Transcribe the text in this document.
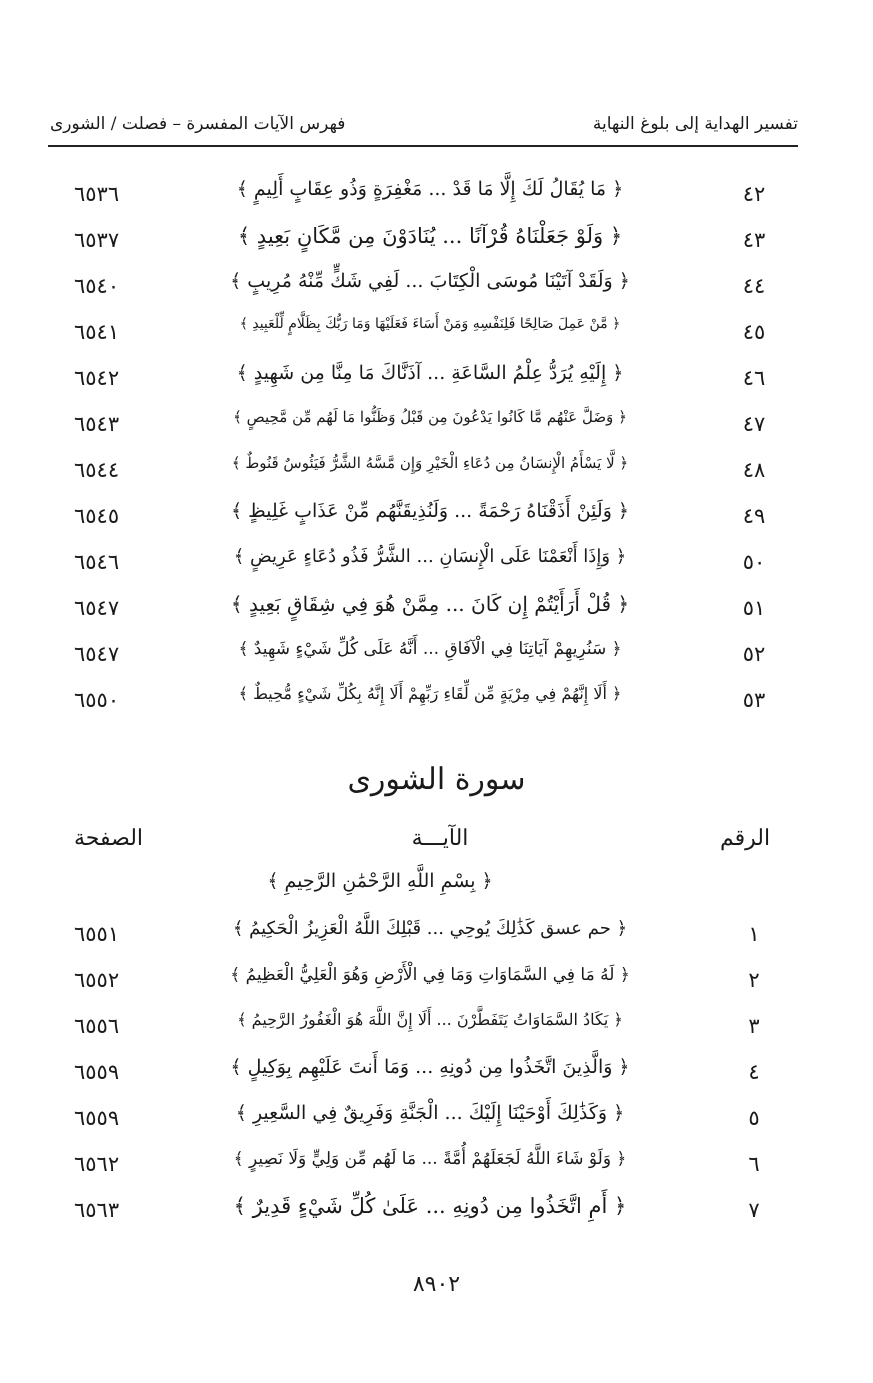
تفسير الهداية إلى بلوغ النهاية
فهرس الآيات المفسرة – فصلت / الشورى
٤٢
﴿ مَا يُقَالُ لَكَ إِلَّا مَا قَدْ ... مَغْفِرَةٍ وَذُو عِقَابٍ أَلِيمٍ ﴾
٦٥٣٦
٤٣
﴿ وَلَوْ جَعَلْنَاهُ قُرْآنًا ... يُنَادَوْنَ مِن مَّكَانٍ بَعِيدٍ ﴾
٦٥٣٧
٤٤
﴿ وَلَقَدْ آتَيْنَا مُوسَى الْكِتَابَ ... لَفِي شَكٍّ مِّنْهُ مُرِيبٍ ﴾
٦٥٤٠
٤٥
﴿ مَّنْ عَمِلَ صَالِحًا فَلِنَفْسِهِ وَمَنْ أَسَاءَ فَعَلَيْهَا وَمَا رَبُّكَ بِظَلَّامٍ لِّلْعَبِيدِ ﴾
٦٥٤١
٤٦
﴿ إِلَيْهِ يُرَدُّ عِلْمُ السَّاعَةِ ... آذَنَّاكَ مَا مِنَّا مِن شَهِيدٍ ﴾
٦٥٤٢
٤٧
﴿ وَضَلَّ عَنْهُم مَّا كَانُوا يَدْعُونَ مِن قَبْلُ وَظَنُّوا مَا لَهُم مِّن مَّحِيصٍ ﴾
٦٥٤٣
٤٨
﴿ لَّا يَسْأَمُ الْإِنسَانُ مِن دُعَاءِ الْخَيْرِ وَإِن مَّسَّهُ الشَّرُّ فَيَئُوسٌ قَنُوطٌ ﴾
٦٥٤٤
٤٩
﴿ وَلَئِنْ أَذَقْنَاهُ رَحْمَةً ... وَلَنُذِيقَنَّهُم مِّنْ عَذَابٍ غَلِيظٍ ﴾
٦٥٤٥
٥٠
﴿ وَإِذَا أَنْعَمْنَا عَلَى الْإِنسَانِ ... الشَّرُّ فَذُو دُعَاءٍ عَرِيضٍ ﴾
٦٥٤٦
٥١
﴿ قُلْ أَرَأَيْتُمْ إِن كَانَ ... مِمَّنْ هُوَ فِي شِقَاقٍ بَعِيدٍ ﴾
٦٥٤٧
٥٢
﴿ سَنُرِيهِمْ آيَاتِنَا فِي الْآفَاقِ ... أَنَّهُ عَلَى كُلِّ شَيْءٍ شَهِيدٌ ﴾
٦٥٤٧
٥٣
﴿ أَلَا إِنَّهُمْ فِي مِرْيَةٍ مِّن لِّقَاءِ رَبِّهِمْ أَلَا إِنَّهُ بِكُلِّ شَيْءٍ مُّحِيطٌ ﴾
٦٥٥٠
سورة الشورى
الرقم
الآيـــة
الصفحة
﴿ بِسْمِ اللَّهِ الرَّحْمَٰنِ الرَّحِيمِ ﴾
١
﴿ حم عسق كَذَٰلِكَ يُوحِي ... قَبْلِكَ اللَّهُ الْعَزِيزُ الْحَكِيمُ ﴾
٦٥٥١
٢
﴿ لَهُ مَا فِي السَّمَاوَاتِ وَمَا فِي الْأَرْضِ وَهُوَ الْعَلِيُّ الْعَظِيمُ ﴾
٦٥٥٢
٣
﴿ يَكَادُ السَّمَاوَاتُ يَتَفَطَّرْنَ ... أَلَا إِنَّ اللَّهَ هُوَ الْغَفُورُ الرَّحِيمُ ﴾
٦٥٥٦
٤
﴿ وَالَّذِينَ اتَّخَذُوا مِن دُونِهِ ... وَمَا أَنتَ عَلَيْهِم بِوَكِيلٍ ﴾
٦٥٥٩
٥
﴿ وَكَذَٰلِكَ أَوْحَيْنَا إِلَيْكَ ... الْجَنَّةِ وَفَرِيقٌ فِي السَّعِيرِ ﴾
٦٥٥٩
٦
﴿ وَلَوْ شَاءَ اللَّهُ لَجَعَلَهُمْ أُمَّةً ... مَا لَهُم مِّن وَلِيٍّ وَلَا نَصِيرٍ ﴾
٦٥٦٢
٧
﴿ أَمِ اتَّخَذُوا مِن دُونِهِ ... عَلَىٰ كُلِّ شَيْءٍ قَدِيرٌ ﴾
٦٥٦٣
٨٩٠٢
